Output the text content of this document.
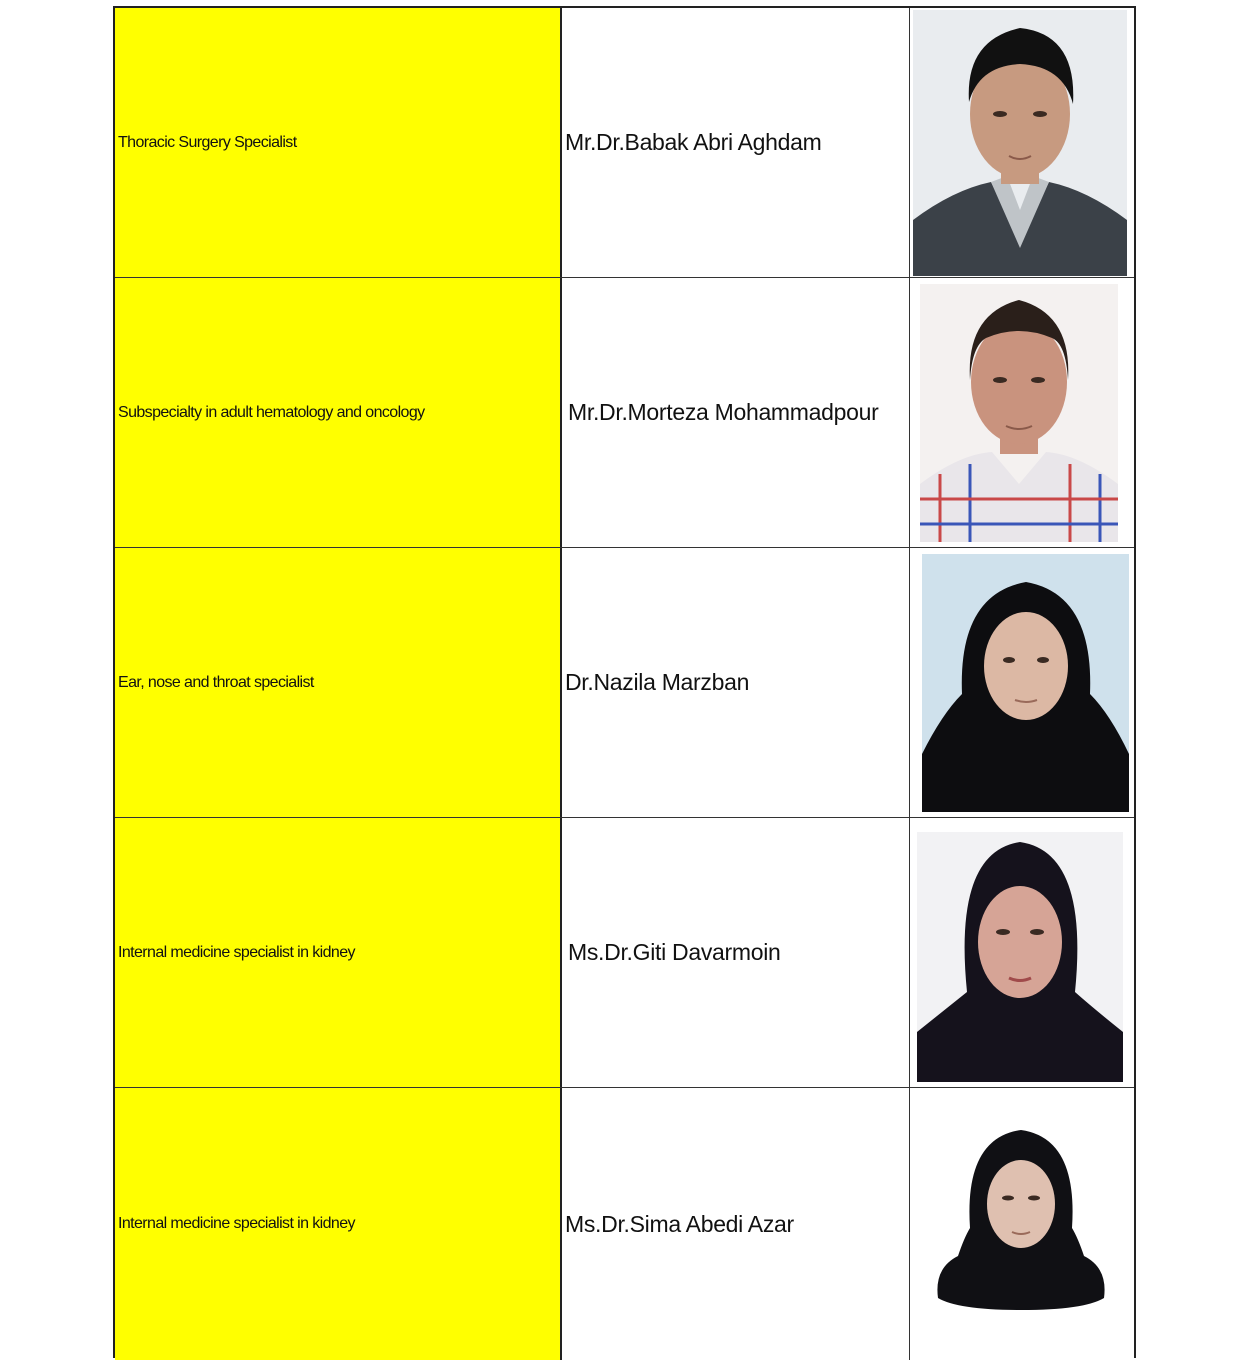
Thoracic Surgery Specialist	Mr.Dr.Babak Abri Aghdam
Subspecialty in adult hematology and oncology	Mr.Dr.Morteza Mohammadpour
Ear, nose and throat specialist	Dr.Nazila Marzban
Internal medicine specialist in kidney	Ms.Dr.Giti Davarmoin
Internal medicine specialist in kidney	Ms.Dr.Sima Abedi Azar
